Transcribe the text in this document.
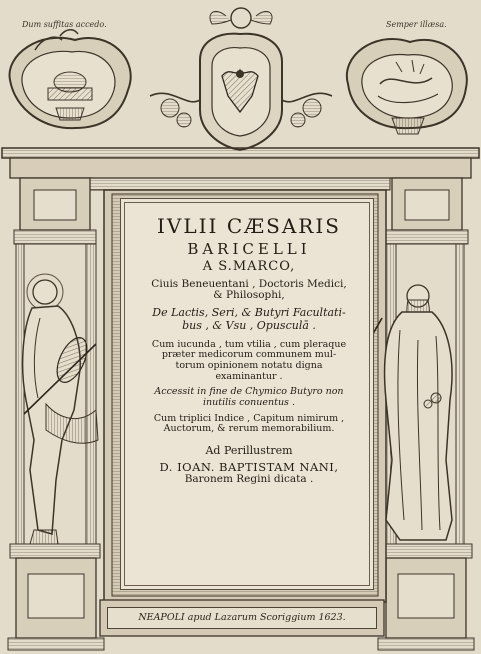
Dum suffitas accedo.	Semper illæsa.
IVLII CÆSARIS
BARICELLI
A S.MARCO,
Ciuis Beneuentani , Doctoris Medici,
& Philosophi,
De Lactis, Seri, & Butyri Facultati-
bus , & Vsu , Opusculā .
Cum iucunda , tum vtilia , cum pleraque
præter medicorum communem mul-
torum opinionem notatu digna
examinantur .
Accessit in fine de Chymico Butyro non
inutilis conuentus .
Cum triplici Indice , Capitum nimirum ,
Auctorum, & rerum memorabilium.
Ad Perillustrem
D. IOAN. BAPTISTAM NANI,
Baronem Regini dicata .
NEAPOLI apud Lazarum Scoriggium 1623.
